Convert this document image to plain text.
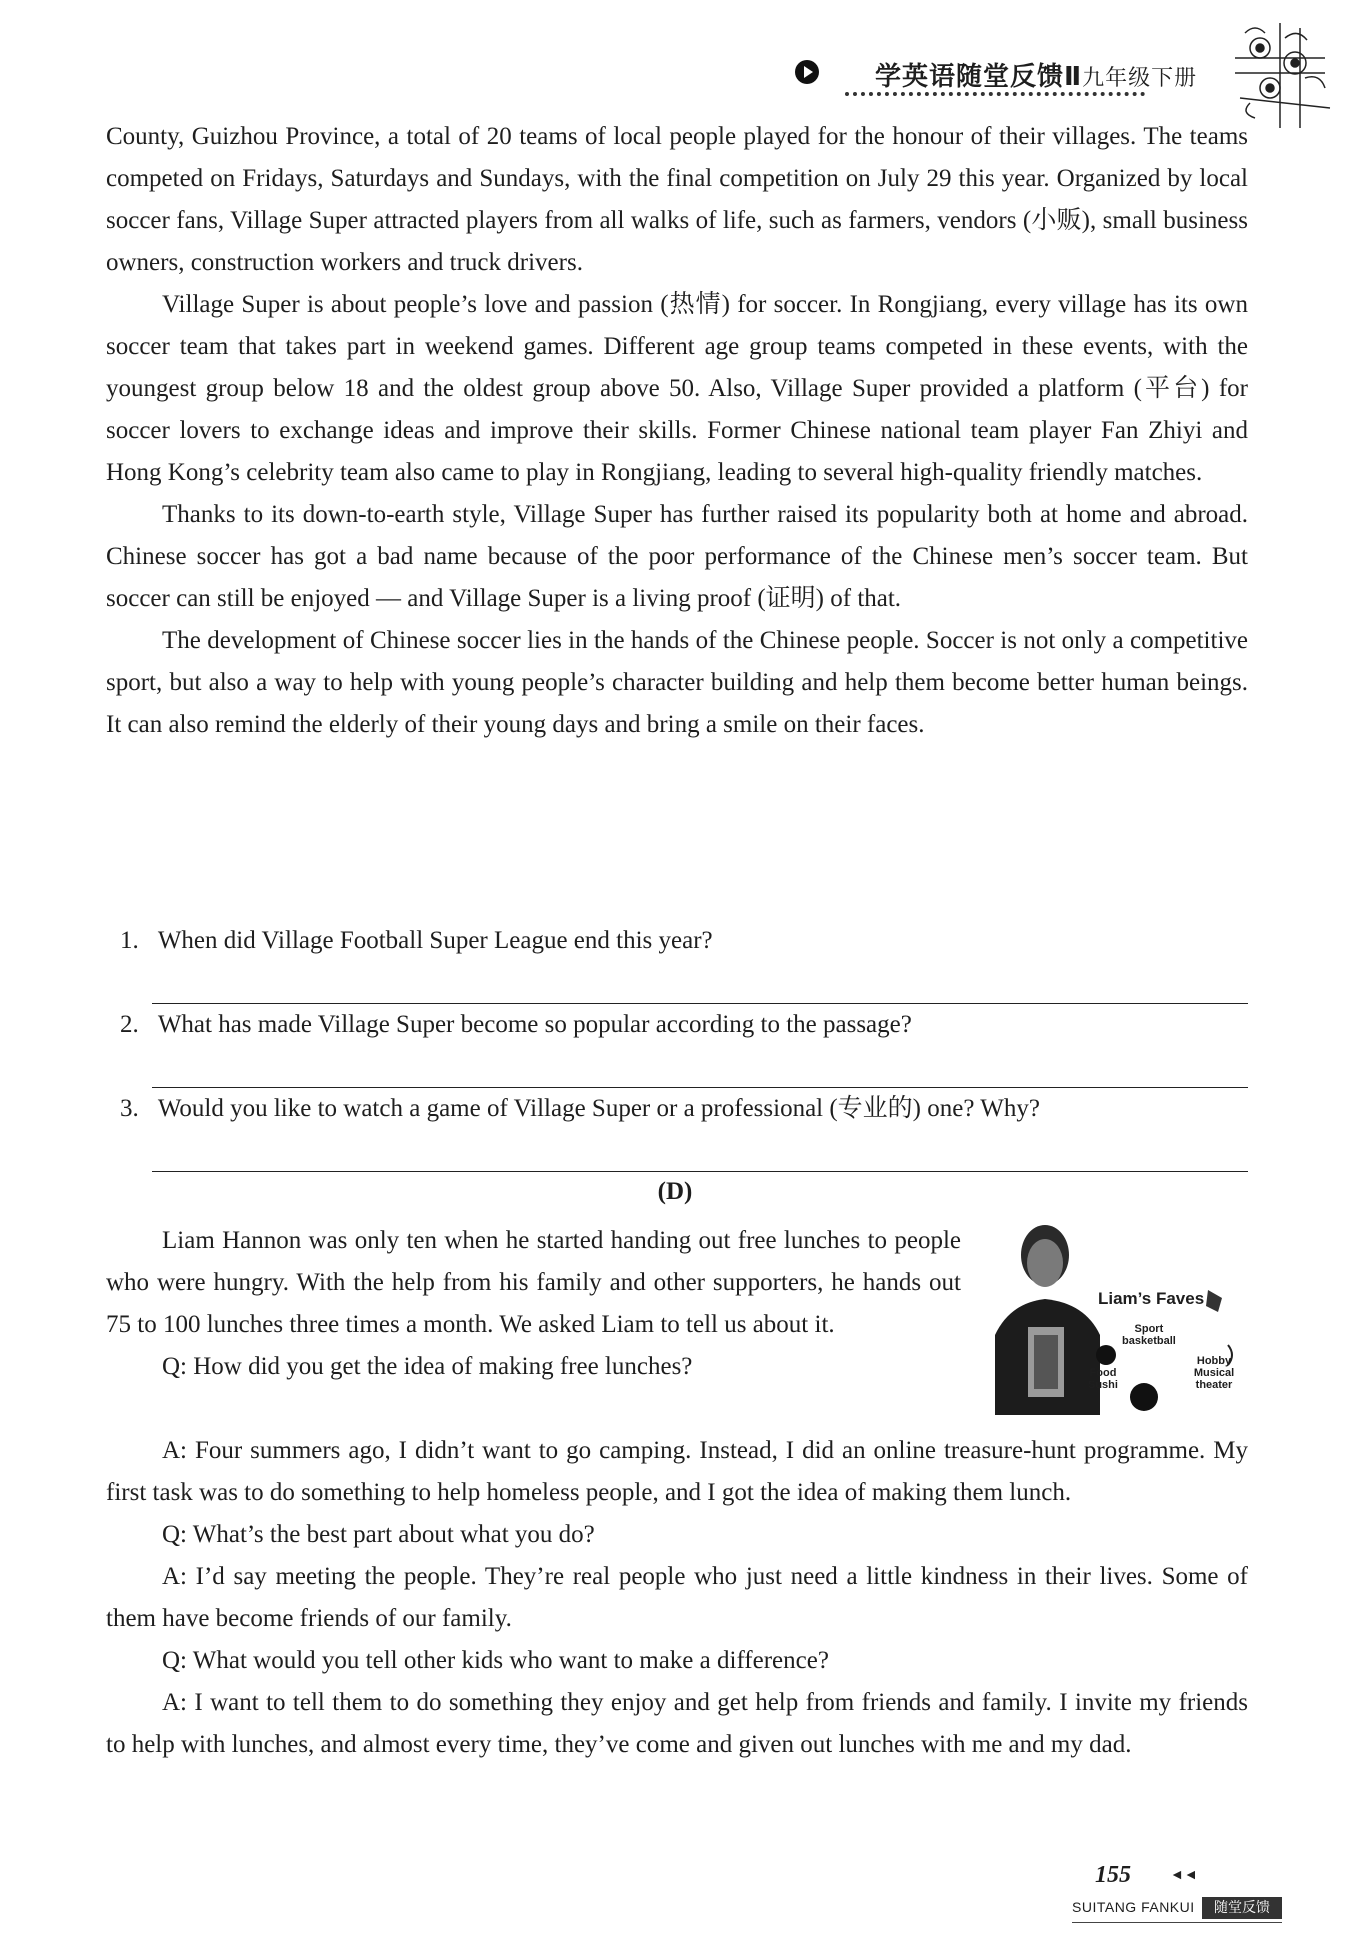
学英语随堂反馈Ⅱ九年级下册

County, Guizhou Province, a total of 20 teams of local people played for the honour of their villages. The teams competed on Fridays, Saturdays and Sundays, with the final competition on July 29 this year. Organized by local soccer fans, Village Super attracted players from all walks of life, such as farmers, vendors (小贩), small business owners, construction workers and truck drivers.

Village Super is about people’s love and passion (热情) for soccer. In Rongjiang, every village has its own soccer team that takes part in weekend games. Different age group teams competed in these events, with the youngest group below 18 and the oldest group above 50. Also, Village Super provided a platform (平台) for soccer lovers to exchange ideas and improve their skills. Former Chinese national team player Fan Zhiyi and Hong Kong’s celebrity team also came to play in Rongjiang, leading to several high-quality friendly matches.

Thanks to its down-to-earth style, Village Super has further raised its popularity both at home and abroad. Chinese soccer has got a bad name because of the poor performance of the Chinese men’s soccer team. But soccer can still be enjoyed — and Village Super is a living proof (证明) of that.

The development of Chinese soccer lies in the hands of the Chinese people. Soccer is not only a competitive sport, but also a way to help with young people’s character building and help them become better human beings. It can also remind the elderly of their young days and bring a smile on their faces.

1. When did Village Football Super League end this year?
2. What has made Village Super become so popular according to the passage?
3. Would you like to watch a game of Village Super or a professional (专业的) one? Why?
(D)

Liam Hannon was only ten when he started handing out free lunches to people who were hungry. With the help from his family and other supporters, he hands out 75 to 100 lunches three times a month. We asked Liam to tell us about it.

Q: How did you get the idea of making free lunches?

Liam’s Faves
Sport
basketball
Food
Sushi
Hobby
Musical theater

A: Four summers ago, I didn’t want to go camping. Instead, I did an online treasure-hunt programme. My first task was to do something to help homeless people, and I got the idea of making them lunch.

Q: What’s the best part about what you do?

A: I’d say meeting the people. They’re real people who just need a little kindness in their lives. Some of them have become friends of our family.

Q: What would you tell other kids who want to make a difference?

A: I want to tell them to do something they enjoy and get help from friends and family. I invite my friends to help with lunches, and almost every time, they’ve come and given out lunches with me and my dad.

155	◄◄
SUITANG FANKUI	随堂反馈
